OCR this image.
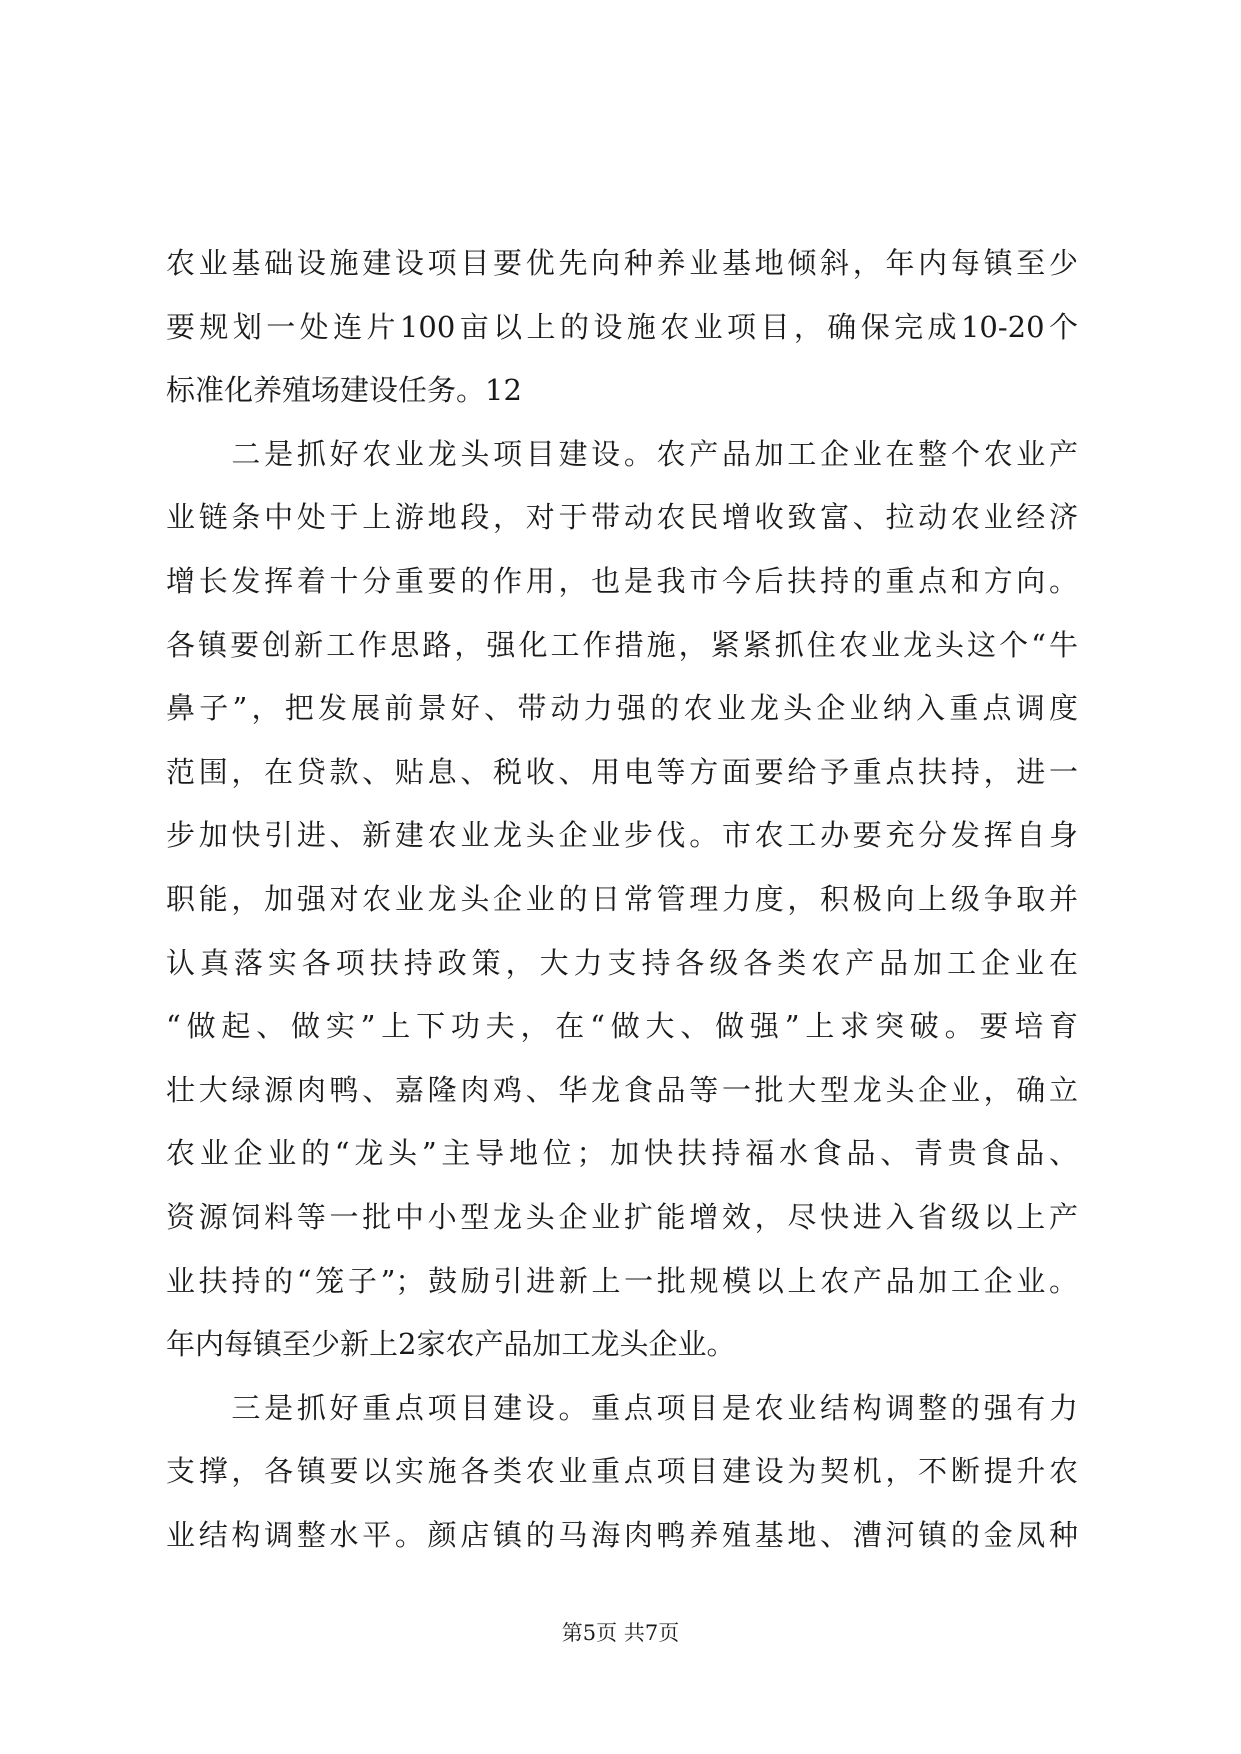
农业基础设施建设项目要优先向种养业基地倾斜，年内每镇至少
要规划一处连片100亩以上的设施农业项目，确保完成10-20个
标准化养殖场建设任务。12
　　二是抓好农业龙头项目建设。农产品加工企业在整个农业产
业链条中处于上游地段，对于带动农民增收致富、拉动农业经济
增长发挥着十分重要的作用，也是我市今后扶持的重点和方向。
各镇要创新工作思路，强化工作措施，紧紧抓住农业龙头这个“牛
鼻子”，把发展前景好、带动力强的农业龙头企业纳入重点调度
范围，在贷款、贴息、税收、用电等方面要给予重点扶持，进一
步加快引进、新建农业龙头企业步伐。市农工办要充分发挥自身
职能，加强对农业龙头企业的日常管理力度，积极向上级争取并
认真落实各项扶持政策，大力支持各级各类农产品加工企业在
“做起、做实”上下功夫，在“做大、做强”上求突破。要培育
壮大绿源肉鸭、嘉隆肉鸡、华龙食品等一批大型龙头企业，确立
农业企业的“龙头”主导地位；加快扶持福水食品、青贵食品、
资源饲料等一批中小型龙头企业扩能增效，尽快进入省级以上产
业扶持的“笼子”；鼓励引进新上一批规模以上农产品加工企业。
年内每镇至少新上2家农产品加工龙头企业。
　　三是抓好重点项目建设。重点项目是农业结构调整的强有力
支撑，各镇要以实施各类农业重点项目建设为契机，不断提升农
业结构调整水平。颜店镇的马海肉鸭养殖基地、漕河镇的金凤种
第5页 共7页
